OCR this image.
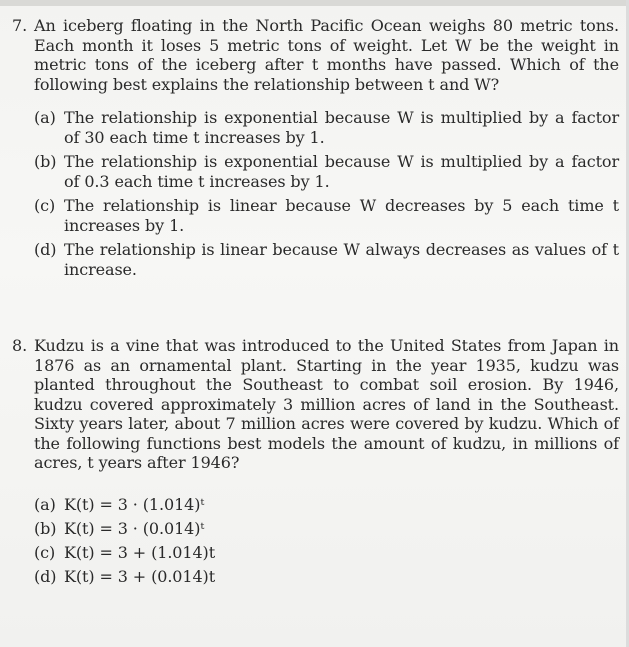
7. An iceberg floating in the North Pacific Ocean weighs 80 metric tons. Each month it loses 5 metric tons of weight. Let W be the weight in metric tons of the iceberg after t months have passed. Which of the following best explains the relationship between t and W?
(a) The relationship is exponential because W is multiplied by a factor of 30 each time t increases by 1.
(b) The relationship is exponential because W is multiplied by a factor of 0.3 each time t increases by 1.
(c) The relationship is linear because W decreases by 5 each time t increases by 1.
(d) The relationship is linear because W always decreases as values of t increase.
8. Kudzu is a vine that was introduced to the United States from Japan in 1876 as an ornamental plant. Starting in the year 1935, kudzu was planted throughout the Southeast to combat soil erosion. By 1946, kudzu covered approximately 3 million acres of land in the Southeast. Sixty years later, about 7 million acres were covered by kudzu. Which of the following functions best models the amount of kudzu, in millions of acres, t years after 1946?
(a) K(t) = 3 · (1.014)ᵗ
(b) K(t) = 3 · (0.014)ᵗ
(c) K(t) = 3 + (1.014)t
(d) K(t) = 3 + (0.014)t
